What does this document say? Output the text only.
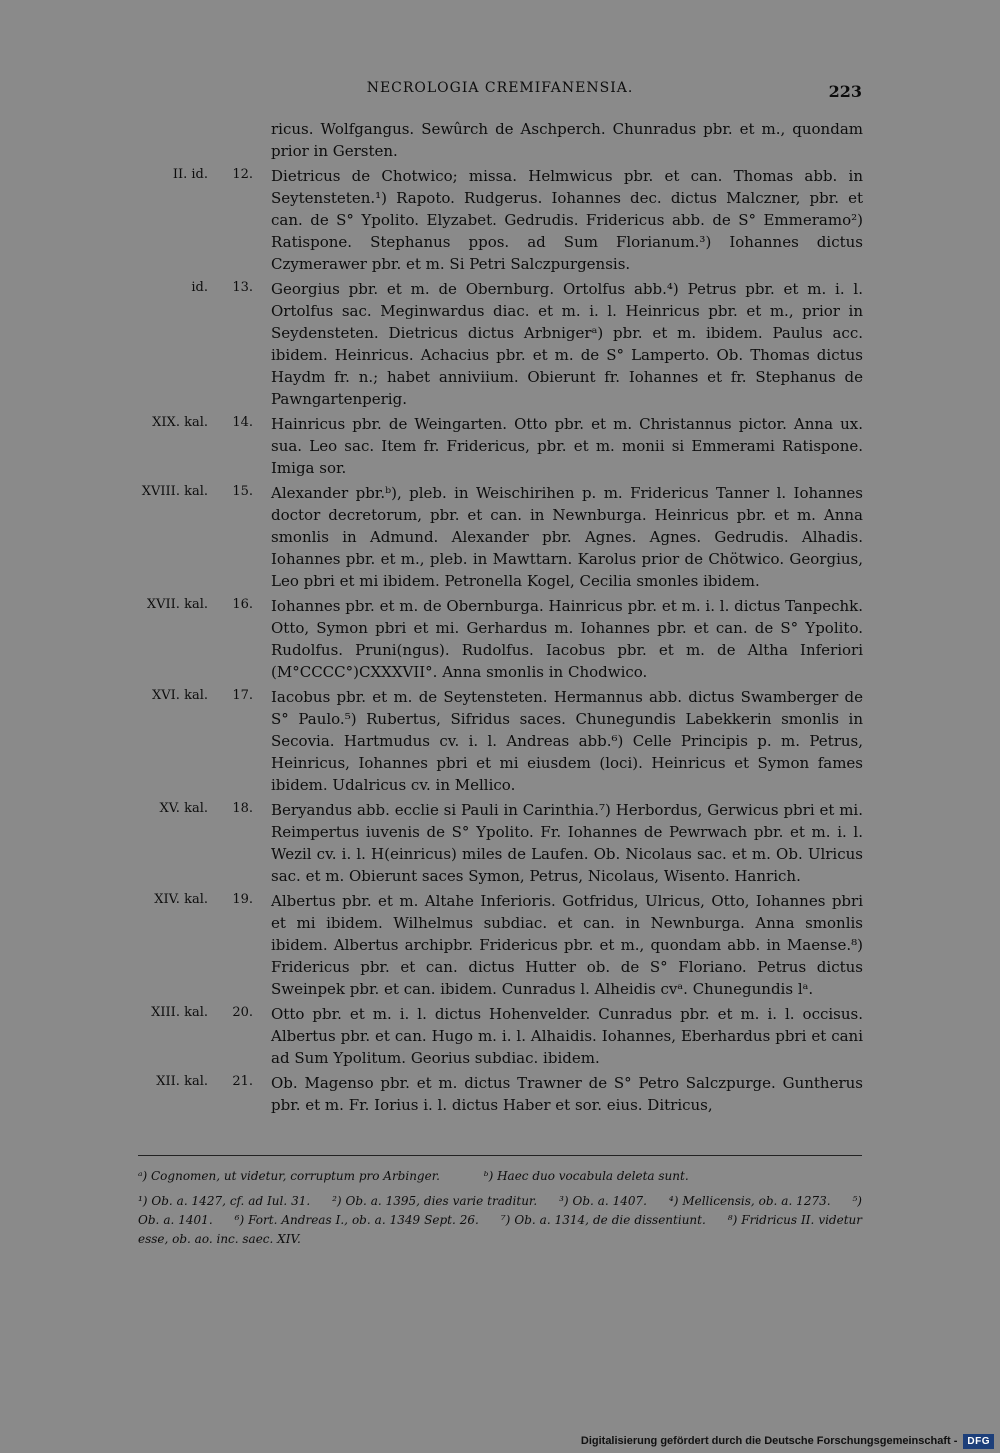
NECROLOGIA CREMIFANENSIA.	223
ricus. Wolfgangus. Sewûrch de Aschperch. Chunradus pbr. et m., quondam prior in Gersten.
II. id.	12. Dietricus de Chotwico; missa. Helmwicus pbr. et can. Thomas abb. in Seytensteten.¹) Rapoto. Rudgerus. Iohannes dec. dictus Malczner, pbr. et can. de S° Ypolito. Elyzabet. Gedrudis. Fridericus abb. de S° Emmeramo²) Ratispone. Stephanus ppos. ad Sum Florianum.³) Iohannes dictus Czymerawer pbr. et m. Si Petri Salczpurgensis.
id.	13. Georgius pbr. et m. de Obernburg. Ortolfus abb.⁴) Petrus pbr. et m. i. l. Ortolfus sac. Meginwardus diac. et m. i. l. Heinricus pbr. et m., prior in Seydensteten. Dietricus dictus Arbnigerᵃ) pbr. et m. ibidem. Paulus acc. ibidem. Heinricus. Achacius pbr. et m. de S° Lamperto. Ob. Thomas dictus Haydm fr. n.; habet anniviium. Obierunt fr. Iohannes et fr. Stephanus de Pawngartenperig.
XIX. kal.	14. Hainricus pbr. de Weingarten. Otto pbr. et m. Christannus pictor. Anna ux. sua. Leo sac. Item fr. Fridericus, pbr. et m. monii si Emmerami Ratispone. Imiga sor.
XVIII. kal.	15. Alexander pbr.ᵇ), pleb. in Weischirihen p. m. Fridericus Tanner l. Iohannes doctor decretorum, pbr. et can. in Newnburga. Heinricus pbr. et m. Anna smonlis in Admund. Alexander pbr. Agnes. Agnes. Gedrudis. Alhadis. Iohannes pbr. et m., pleb. in Mawttarn. Karolus prior de Chötwico. Georgius, Leo pbri et mi ibidem. Petronella Kogel, Cecilia smonles ibidem.
XVII. kal.	16. Iohannes pbr. et m. de Obernburga. Hainricus pbr. et m. i. l. dictus Tanpechk. Otto, Symon pbri et mi. Gerhardus m. Iohannes pbr. et can. de S° Ypolito. Rudolfus. Pruni(ngus). Rudolfus. Iacobus pbr. et m. de Altha Inferiori (M°CCCC°)CXXXVII°. Anna smonlis in Chodwico.
XVI. kal.	17. Iacobus pbr. et m. de Seytensteten. Hermannus abb. dictus Swamberger de S° Paulo.⁵) Rubertus, Sifridus saces. Chunegundis Labekkerin smonlis in Secovia. Hartmudus cv. i. l. Andreas abb.⁶) Celle Principis p. m. Petrus, Heinricus, Iohannes pbri et mi eiusdem (loci). Heinricus et Symon fames ibidem. Udalricus cv. in Mellico.
XV. kal.	18. Beryandus abb. ecclie si Pauli in Carinthia.⁷) Herbordus, Gerwicus pbri et mi. Reimpertus iuvenis de S° Ypolito. Fr. Iohannes de Pewrwach pbr. et m. i. l. Wezil cv. i. l. H(einricus) miles de Laufen. Ob. Nicolaus sac. et m. Ob. Ulricus sac. et m. Obierunt saces Symon, Petrus, Nicolaus, Wisento. Hanrich.
XIV. kal.	19. Albertus pbr. et m. Altahe Inferioris. Gotfridus, Ulricus, Otto, Iohannes pbri et mi ibidem. Wilhelmus subdiac. et can. in Newnburga. Anna smonlis ibidem. Albertus archipbr. Fridericus pbr. et m., quondam abb. in Maense.⁸) Fridericus pbr. et can. dictus Hutter ob. de S° Floriano. Petrus dictus Sweinpek pbr. et can. ibidem. Cunradus l. Alheidis cvᵃ. Chunegundis lᵃ.
XIII. kal.	20. Otto pbr. et m. i. l. dictus Hohenvelder. Cunradus pbr. et m. i. l. occisus. Albertus pbr. et can. Hugo m. i. l. Alhaidis. Iohannes, Eberhardus pbri et cani ad Sum Ypolitum. Georius subdiac. ibidem.
XII. kal.	21. Ob. Magenso pbr. et m. dictus Trawner de S° Petro Salczpurge. Guntherus pbr. et m. Fr. Iorius i. l. dictus Haber et sor. eius. Ditricus,

ᵃ) Cognomen, ut videtur, corruptum pro Arbinger.	ᵇ) Haec duo vocabula deleta sunt.

¹) Ob. a. 1427, cf. ad Iul. 31. ²) Ob. a. 1395, dies varie traditur. ³) Ob. a. 1407. ⁴) Mellicensis, ob. a. 1273. ⁵) Ob. a. 1401. ⁶) Fort. Andreas I., ob. a. 1349 Sept. 26. ⁷) Ob. a. 1314, de die dissentiunt. ⁸) Fridricus II. videtur esse, ob. ao. inc. saec. XIV.

Digitalisierung gefördert durch die Deutsche Forschungsgemeinschaft -	DFG
